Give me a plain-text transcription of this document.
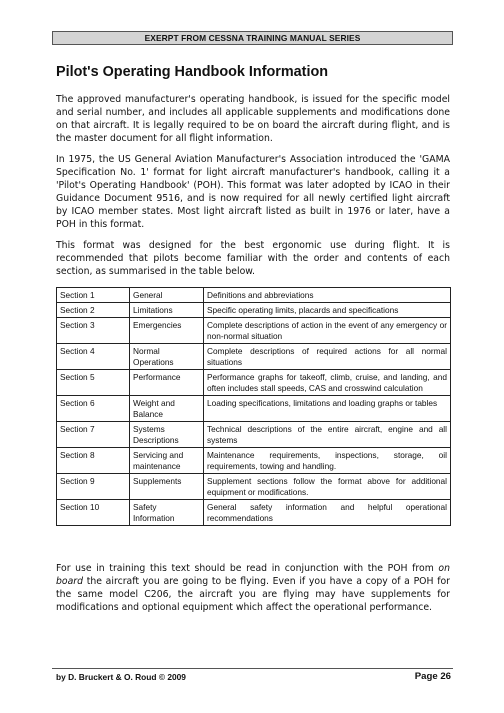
EXERPT FROM CESSNA TRAINING MANUAL SERIES
Pilot's Operating Handbook Information

The approved manufacturer's operating handbook, is issued for the specific model and serial number, and includes all applicable supplements and modifications done on that aircraft. It is legally required to be on board the aircraft during flight, and is the master document for all flight information.

In 1975, the US General Aviation Manufacturer's Association introduced the 'GAMA Specification No. 1' format for light aircraft manufacturer's handbook, calling it a 'Pilot's Operating Handbook' (POH). This format was later adopted by ICAO in their Guidance Document 9516, and is now required for all newly certified light aircraft by ICAO member states. Most light aircraft listed as built in 1976 or later, have a POH in this format.

This format was designed for the best ergonomic use during flight. It is recommended that pilots become familiar with the order and contents of each section, as summarised in the table below.

Section 1	General	Definitions and abbreviations
Section 2	Limitations	Specific operating limits, placards and specifications
Section 3	Emergencies	Complete descriptions of action in the event of any emergency or non-normal situation
Section 4	Normal Operations	Complete descriptions of required actions for all normal situations
Section 5	Performance	Performance graphs for takeoff, climb, cruise, and landing, and often includes stall speeds, CAS and crosswind calculation
Section 6	Weight and Balance	Loading specifications, limitations and loading graphs or tables
Section 7	Systems Descriptions	Technical descriptions of the entire aircraft, engine and all systems
Section 8	Servicing and maintenance	Maintenance requirements, inspections, storage, oil requirements, towing and handling.
Section 9	Supplements	Supplement sections follow the format above for additional equipment or modifications.
Section 10	Safety Information	General safety information and helpful operational recommendations

For use in training this text should be read in conjunction with the POH from on board the aircraft you are going to be flying. Even if you have a copy of a POH for the same model C206, the aircraft you are flying may have supplements for modifications and optional equipment which affect the operational performance.

by D. Bruckert & O. Roud © 2009	Page 26
